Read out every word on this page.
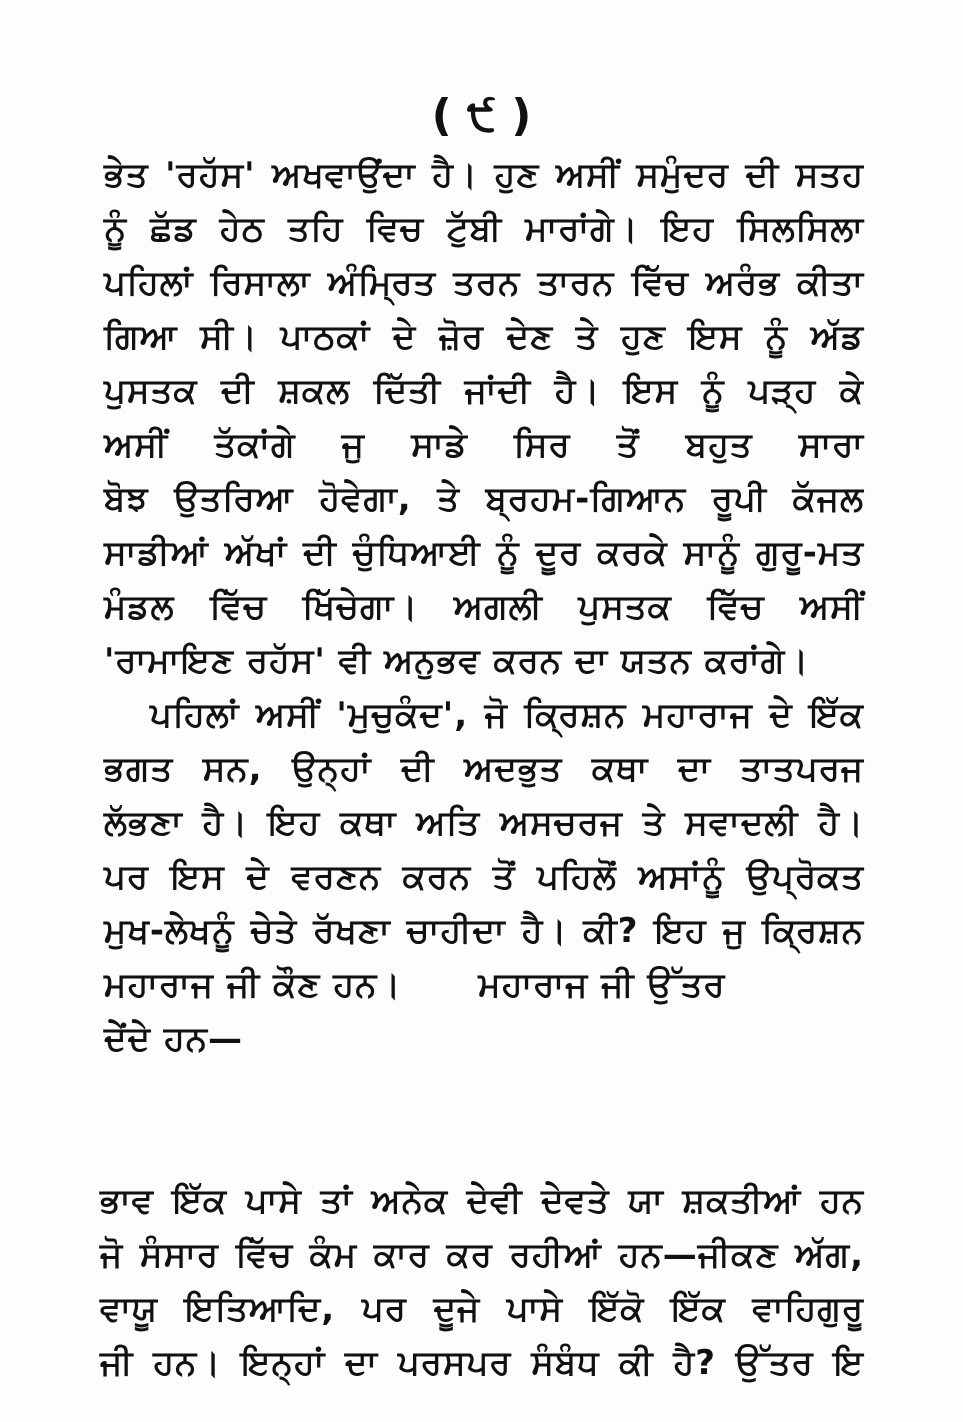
( ੯ )
ਭੇਤ 'ਰਹੱਸ' ਅਖਵਾਉਂਦਾ ਹੈ। ਹੁਣ ਅਸੀਂ ਸਮੁੰਦਰ ਦੀ ਸਤਹ
ਨੂੰ ਛੱਡ ਹੇਠ ਤਹਿ ਵਿਚ ਟੁੱਬੀ ਮਾਰਾਂਗੇ। ਇਹ ਸਿਲਸਿਲਾ
ਪਹਿਲਾਂ ਰਿਸਾਲਾ ਅੰਮ੍ਰਿਤ ਤਰਨ ਤਾਰਨ ਵਿੱਚ ਅਰੰਭ ਕੀਤਾ
ਗਿਆ ਸੀ। ਪਾਠਕਾਂ ਦੇ ਜ਼ੋਰ ਦੇਣ ਤੇ ਹੁਣ ਇਸ ਨੂੰ ਅੱਡ
ਪੁਸਤਕ ਦੀ ਸ਼ਕਲ ਦਿੱਤੀ ਜਾਂਦੀ ਹੈ। ਇਸ ਨੂੰ ਪੜ੍ਹ ਕੇ
ਅਸੀਂ ਤੱਕਾਂਗੇ ਜੁ ਸਾਡੇ ਸਿਰ ਤੋਂ ਬਹੁਤ ਸਾਰਾ
ਬੋਝ ਉਤਰਿਆ ਹੋਵੇਗਾ, ਤੇ ਬ੍ਰਹਮ-ਗਿਆਨ ਰੂਪੀ ਕੱਜਲ
ਸਾਡੀਆਂ ਅੱਖਾਂ ਦੀ ਚੁੰਧਿਆਈ ਨੂੰ ਦੂਰ ਕਰਕੇ ਸਾਨੂੰ ਗੁਰੂ-ਮਤ
ਮੰਡਲ ਵਿੱਚ ਖਿੱਚੇਗਾ। ਅਗਲੀ ਪੁਸਤਕ ਵਿੱਚ ਅਸੀਂ
'ਰਾਮਾਇਣ ਰਹੱਸ' ਵੀ ਅਨੁਭਵ ਕਰਨ ਦਾ ਯਤਨ ਕਰਾਂਗੇ।
ਪਹਿਲਾਂ ਅਸੀਂ 'ਮੁਚੁਕੰਦ', ਜੋ ਕ੍ਰਿਸ਼ਨ ਮਹਾਰਾਜ ਦੇ ਇੱਕ
ਭਗਤ ਸਨ, ਉਨ੍ਹਾਂ ਦੀ ਅਦਭੁਤ ਕਥਾ ਦਾ ਤਾਤਪਰਜ
ਲੱਭਣਾ ਹੈ। ਇਹ ਕਥਾ ਅਤਿ ਅਸਚਰਜ ਤੇ ਸਵਾਦਲੀ ਹੈ।
ਪਰ ਇਸ ਦੇ ਵਰਣਨ ਕਰਨ ਤੋਂ ਪਹਿਲੋਂ ਅਸਾਂਨੂੰ ਉਪ੍ਰੋਕਤ
ਮੁਖ-ਲੇਖਨੂੰ ਚੇਤੇ ਰੱਖਣਾ ਚਾਹੀਦਾ ਹੈ। ਕੀ? ਇਹ ਜੁ ਕ੍ਰਿਸ਼ਨ
ਮਹਾਰਾਜ ਜੀ ਕੌਣ ਹਨ।      ਮਹਾਰਾਜ ਜੀ ਉੱਤਰ
ਦੇਂਦੇ ਹਨ—
ਭਾਵ ਇੱਕ ਪਾਸੇ ਤਾਂ ਅਨੇਕ ਦੇਵੀ ਦੇਵਤੇ ਯਾ ਸ਼ਕਤੀਆਂ ਹਨ
ਜੋ ਸੰਸਾਰ ਵਿੱਚ ਕੰਮ ਕਾਰ ਕਰ ਰਹੀਆਂ ਹਨ—ਜੀਕਣ ਅੱਗ,
ਵਾਯੂ ਇਤਿਆਦਿ, ਪਰ ਦੂਜੇ ਪਾਸੇ ਇੱਕੋ ਇੱਕ ਵਾਹਿਗੁਰੂ
ਜੀ ਹਨ। ਇਨ੍ਹਾਂ ਦਾ ਪਰਸਪਰ ਸੰਬੰਧ ਕੀ ਹੈ? ਉੱਤਰ ਇ
